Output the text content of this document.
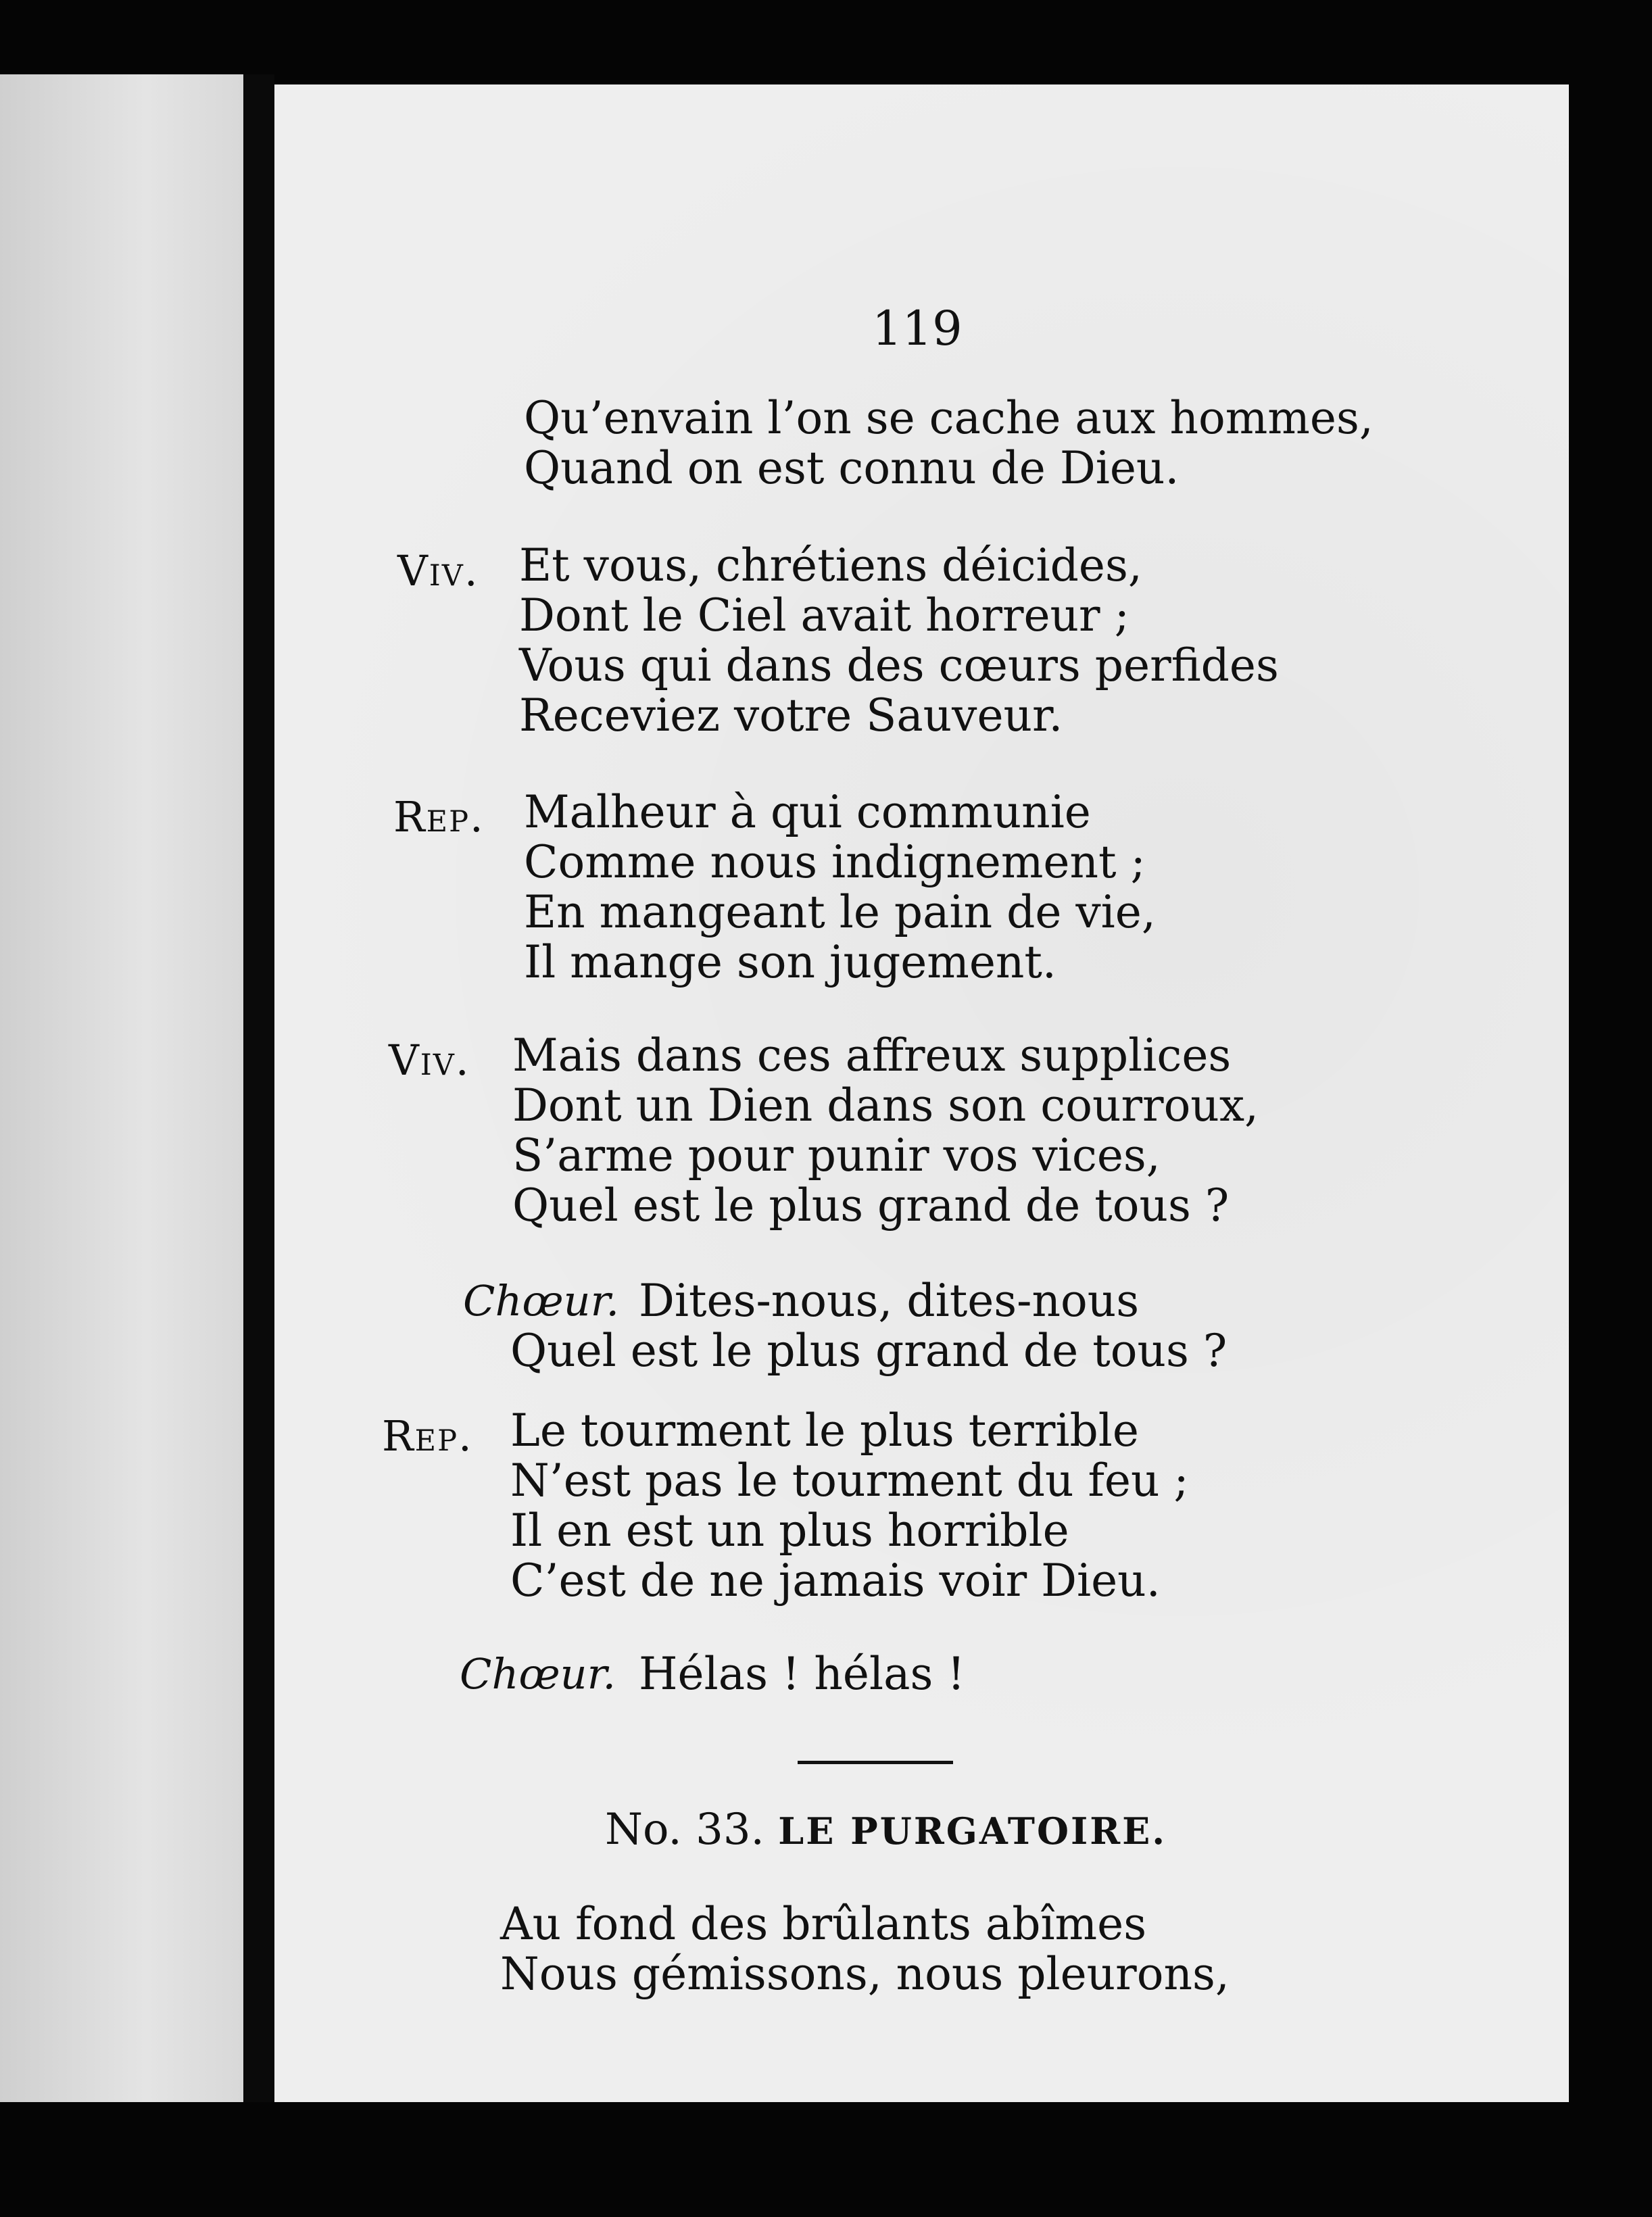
119
Qu’envain l’on se cache aux hommes,
Quand on est connu de Dieu.
Viv. Et vous, chrétiens déicides,
Dont le Ciel avait horreur ;
Vous qui dans des cœurs perfides
Receviez votre Sauveur.
Rep. Malheur à qui communie
Comme nous indignement ;
En mangeant le pain de vie,
Il mange son jugement.
Viv. Mais dans ces affreux supplices
Dont un Dien dans son courroux,
S’arme pour punir vos vices,
Quel est le plus grand de tous ?
Chœur. Dites-nous, dites-nous
Quel est le plus grand de tous ?
Rep. Le tourment le plus terrible
N’est pas le tourment du feu ;
Il en est un plus horrible
C’est de ne jamais voir Dieu.
Chœur. Hélas ! hélas !
No. 33. LE PURGATOIRE.
Au fond des brûlants abîmes
Nous gémissons, nous pleurons,
